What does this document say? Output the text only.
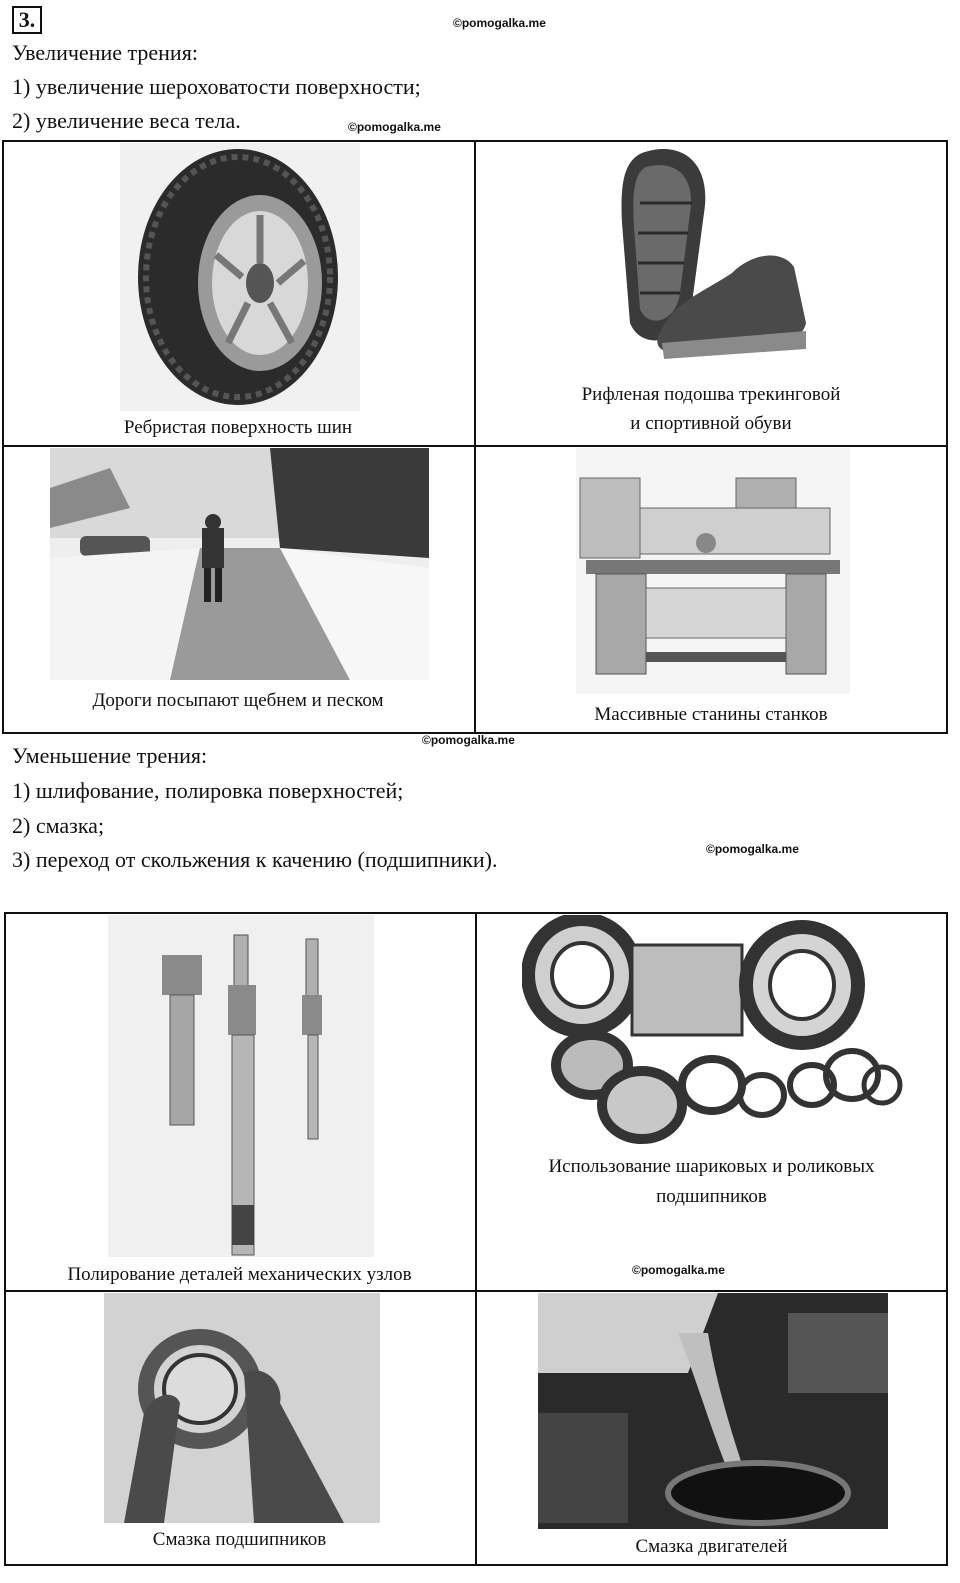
3.	©pomogalka.me
Увеличение трения:
1) увеличение шероховатости поверхности;
2) увеличение веса тела.	©pomogalka.me
Ребристая поверхность шин
Рифленая подошва трекинговой
и спортивной обуви
Дороги посыпают щебнем и песком
Массивные станины станков
©pomogalka.me
Уменьшение трения:
1) шлифование, полировка поверхностей;
2) смазка;
3) переход от скольжения к качению (подшипники).	©pomogalka.me
Полирование деталей механических узлов
Использование шариковых и роликовых
подшипников
©pomogalka.me
Смазка подшипников	Смазка двигателей
